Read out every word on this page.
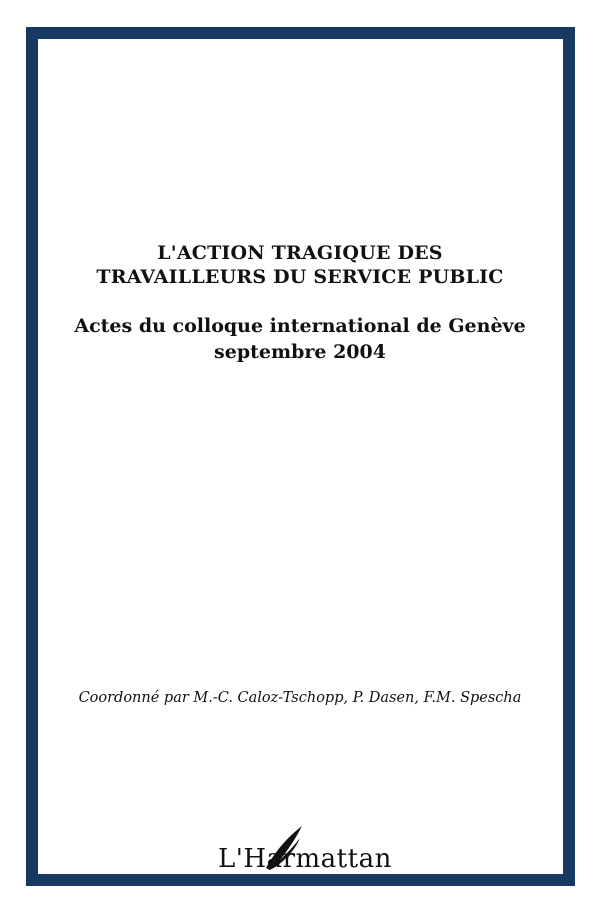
L'ACTION TRAGIQUE DES
TRAVAILLEURS DU SERVICE PUBLIC
Actes du colloque international de Genève
septembre 2004
Coordonné par M.-C. Caloz-Tschopp, P. Dasen, F.M. Spescha
L'Harmattan
